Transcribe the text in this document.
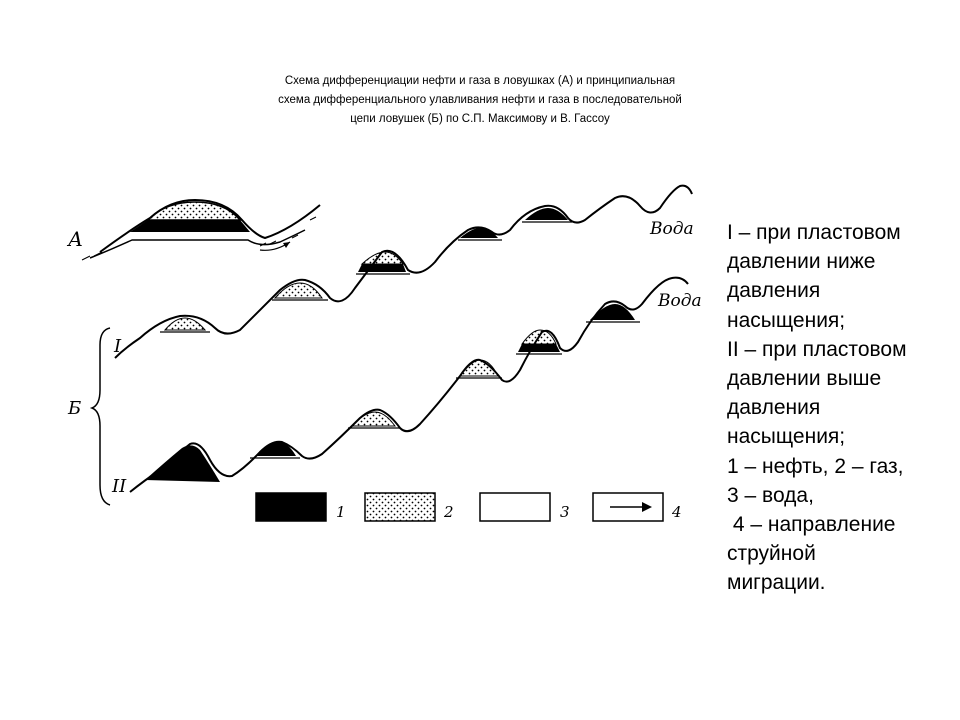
Схема дифференциации нефти и газа в ловушках (А) и принципиальная
схема дифференциального улавливания нефти и газа в последовательной
цепи ловушек (Б) по С.П. Максимову и В. Гассоу
А
I
Вода
II
Вода
Б
1	2	3	4
I – при пластовом
давлении ниже
давления
насыщения;
II – при пластовом
давлении выше
давления
насыщения;
1 – нефть, 2 – газ,
3 – вода,
4 – направление
струйной
миграции.
